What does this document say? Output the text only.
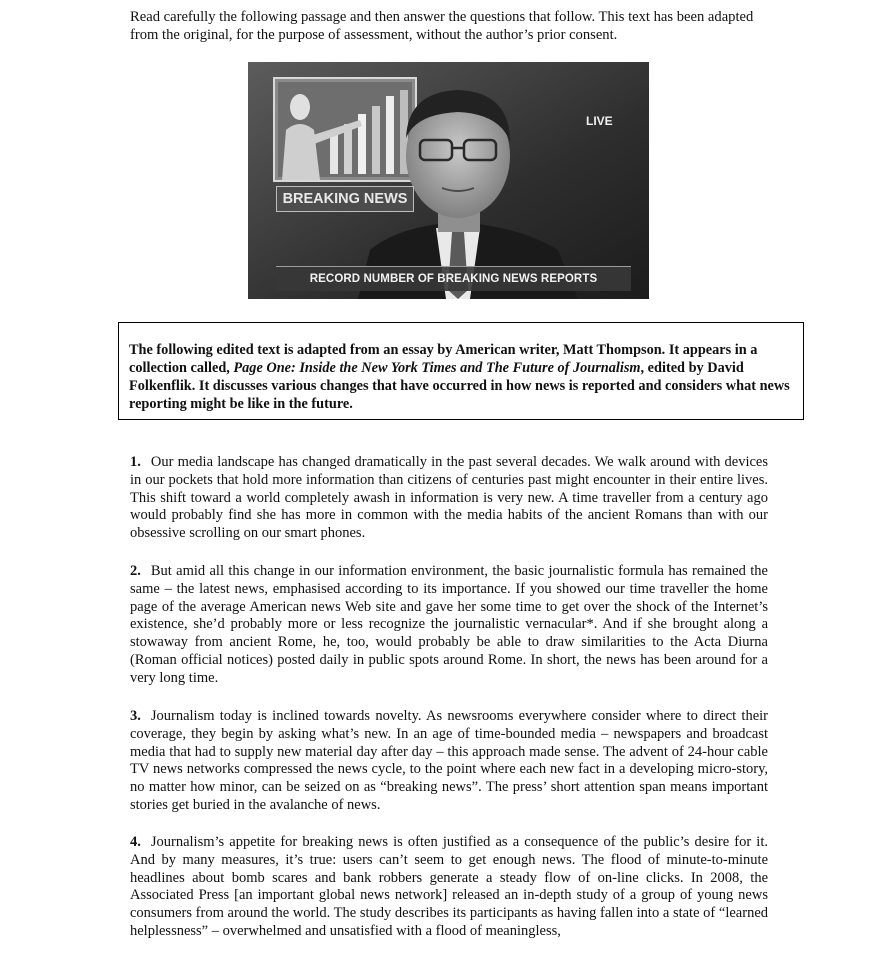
Read carefully the following passage and then answer the questions that follow. This text has been adapted from the original, for the purpose of assessment, without the author’s prior consent.
BREAKING NEWS
LIVE
RECORD NUMBER OF BREAKING NEWS REPORTS
The following edited text is adapted from an essay by American writer, Matt Thompson. It appears in a collection called, Page One: Inside the New York Times and The Future of Journalism, edited by David Folkenflik. It discusses various changes that have occurred in how news is reported and considers what news reporting might be like in the future.
1. Our media landscape has changed dramatically in the past several decades. We walk around with devices in our pockets that hold more information than citizens of centuries past might encounter in their entire lives. This shift toward a world completely awash in information is very new. A time traveller from a century ago would probably find she has more in common with the media habits of the ancient Romans than with our obsessive scrolling on our smart phones.
2. But amid all this change in our information environment, the basic journalistic formula has remained the same – the latest news, emphasised according to its importance. If you showed our time traveller the home page of the average American news Web site and gave her some time to get over the shock of the Internet’s existence, she’d probably more or less recognize the journalistic vernacular*. And if she brought along a stowaway from ancient Rome, he, too, would probably be able to draw similarities to the Acta Diurna (Roman official notices) posted daily in public spots around Rome. In short, the news has been around for a very long time.
3. Journalism today is inclined towards novelty. As newsrooms everywhere consider where to direct their coverage, they begin by asking what’s new. In an age of time-bounded media – newspapers and broadcast media that had to supply new material day after day – this approach made sense. The advent of 24-hour cable TV news networks compressed the news cycle, to the point where each new fact in a developing micro-story, no matter how minor, can be seized on as “breaking news”. The press’ short attention span means important stories get buried in the avalanche of news.
4. Journalism’s appetite for breaking news is often justified as a consequence of the public’s desire for it. And by many measures, it’s true: users can’t seem to get enough news. The flood of minute-to-minute headlines about bomb scares and bank robbers generate a steady flow of on-line clicks. In 2008, the Associated Press [an important global news network] released an in-depth study of a group of young news consumers from around the world. The study describes its participants as having fallen into a state of “learned helplessness” – overwhelmed and unsatisfied with a flood of meaningless,
